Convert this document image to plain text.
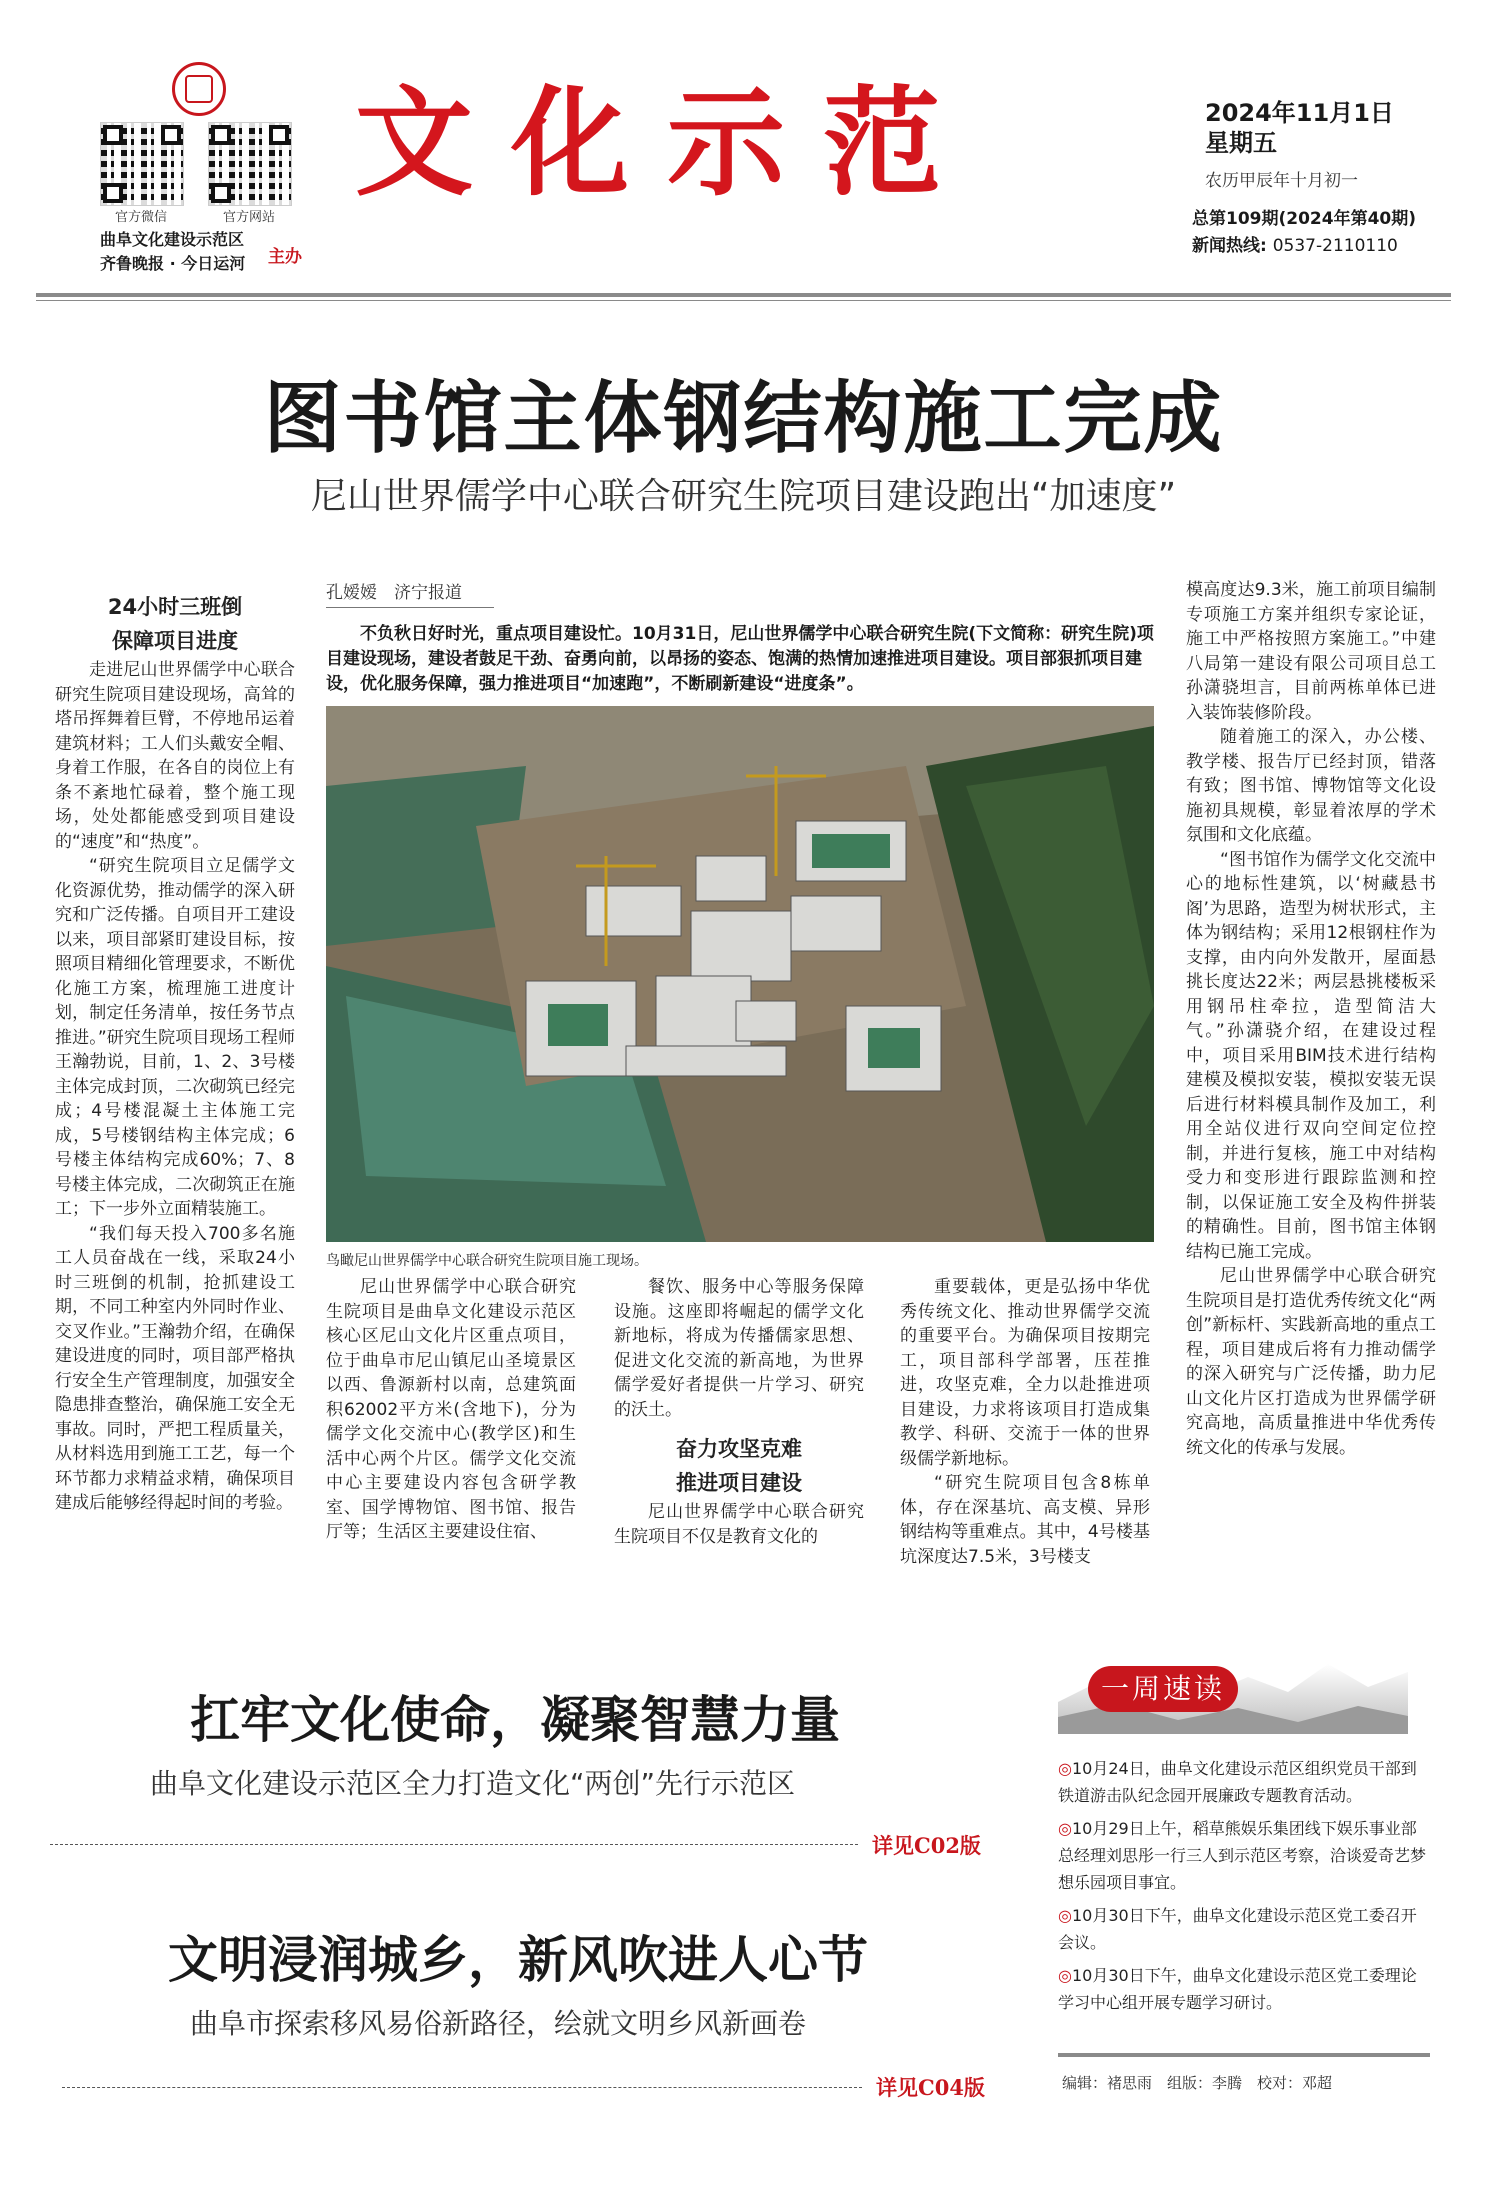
官方微信	官方网站
曲阜文化建设示范区
齐鲁晚报 · 今日运河 主办
文化示范	2024年11月1日
星期五
农历甲辰年十月初一
总第109期(2024年第40期)
新闻热线: 0537-2110110
图书馆主体钢结构施工完成
尼山世界儒学中心联合研究生院项目建设跑出“加速度”

24小时三班倒

保障项目进度

走进尼山世界儒学中心联合研究生院项目建设现场，高耸的塔吊挥舞着巨臂，不停地吊运着建筑材料；工人们头戴安全帽、身着工作服，在各自的岗位上有条不紊地忙碌着，整个施工现场，处处都能感受到项目建设的“速度”和“热度”。

“研究生院项目立足儒学文化资源优势，推动儒学的深入研究和广泛传播。自项目开工建设以来，项目部紧盯建设目标，按照项目精细化管理要求，不断优化施工方案，梳理施工进度计划，制定任务清单，按任务节点推进。”研究生院项目现场工程师王瀚勃说，目前，1、2、3号楼主体完成封顶，二次砌筑已经完成；4号楼混凝土主体施工完成，5号楼钢结构主体完成；6号楼主体结构完成60%；7、8号楼主体完成，二次砌筑正在施工；下一步外立面精装施工。

“我们每天投入700多名施工人员奋战在一线，采取24小时三班倒的机制，抢抓建设工期，不同工种室内外同时作业、交叉作业。”王瀚勃介绍，在确保建设进度的同时，项目部严格执行安全生产管理制度，加强安全隐患排查整治，确保施工安全无事故。同时，严把工程质量关，从材料选用到施工工艺，每一个环节都力求精益求精，确保项目建成后能够经得起时间的考验。

孔嫒嫒　济宁报道
不负秋日好时光，重点项目建设忙。10月31日，尼山世界儒学中心联合研究生院(下文简称：研究生院)项目建设现场，建设者鼓足干劲、奋勇向前，以昂扬的姿态、饱满的热情加速推进项目建设。项目部狠抓项目建设，优化服务保障，强力推进项目“加速跑”，不断刷新建设“进度条”。
鸟瞰尼山世界儒学中心联合研究生院项目施工现场。

尼山世界儒学中心联合研究生院项目是曲阜文化建设示范区核心区尼山文化片区重点项目，位于曲阜市尼山镇尼山圣境景区以西、鲁源新村以南，总建筑面积62002平方米(含地下)，分为儒学文化交流中心(教学区)和生活中心两个片区。儒学文化交流中心主要建设内容包含研学教室、国学博物馆、图书馆、报告厅等；生活区主要建设住宿、

餐饮、服务中心等服务保障设施。这座即将崛起的儒学文化新地标，将成为传播儒家思想、促进文化交流的新高地，为世界儒学爱好者提供一片学习、研究的沃土。

奋力攻坚克难

推进项目建设

尼山世界儒学中心联合研究生院项目不仅是教育文化的

重要载体，更是弘扬中华优秀传统文化、推动世界儒学交流的重要平台。为确保项目按期完工，项目部科学部署，压茬推进，攻坚克难，全力以赴推进项目建设，力求将该项目打造成集教学、科研、交流于一体的世界级儒学新地标。

“研究生院项目包含8栋单体，存在深基坑、高支模、异形钢结构等重难点。其中，4号楼基坑深度达7.5米，3号楼支

模高度达9.3米，施工前项目编制专项施工方案并组织专家论证，施工中严格按照方案施工。”中建八局第一建设有限公司项目总工孙潇骁坦言，目前两栋单体已进入装饰装修阶段。

随着施工的深入，办公楼、教学楼、报告厅已经封顶，错落有致；图书馆、博物馆等文化设施初具规模，彰显着浓厚的学术氛围和文化底蕴。

“图书馆作为儒学文化交流中心的地标性建筑，以‘树藏悬书阁’为思路，造型为树状形式，主体为钢结构；采用12根钢柱作为支撑，由内向外发散开，屋面悬挑长度达22米；两层悬挑楼板采用钢吊柱牵拉，造型简洁大气。”孙潇骁介绍，在建设过程中，项目采用BIM技术进行结构建模及模拟安装，模拟安装无误后进行材料模具制作及加工，利用全站仪进行双向空间定位控制，并进行复核，施工中对结构受力和变形进行跟踪监测和控制，以保证施工安全及构件拼装的精确性。目前，图书馆主体钢结构已施工完成。

尼山世界儒学中心联合研究生院项目是打造优秀传统文化“两创”新标杆、实践新高地的重点工程，项目建成后将有力推动儒学的深入研究与广泛传播，助力尼山文化片区打造成为世界儒学研究高地，高质量推进中华优秀传统文化的传承与发展。

扛牢文化使命，凝聚智慧力量
曲阜文化建设示范区全力打造文化“两创”先行示范区
详见C02版
文明浸润城乡，新风吹进人心节
曲阜市探索移风易俗新路径，绘就文明乡风新画卷
详见C04版
一周速读

◎10月24日，曲阜文化建设示范区组织党员干部到铁道游击队纪念园开展廉政专题教育活动。

◎10月29日上午，稻草熊娱乐集团线下娱乐事业部总经理刘思彤一行三人到示范区考察，洽谈爱奇艺梦想乐园项目事宜。

◎10月30日下午，曲阜文化建设示范区党工委召开会议。

◎10月30日下午，曲阜文化建设示范区党工委理论学习中心组开展专题学习研讨。

编辑：褚思雨　组版：李腾　校对：邓超
